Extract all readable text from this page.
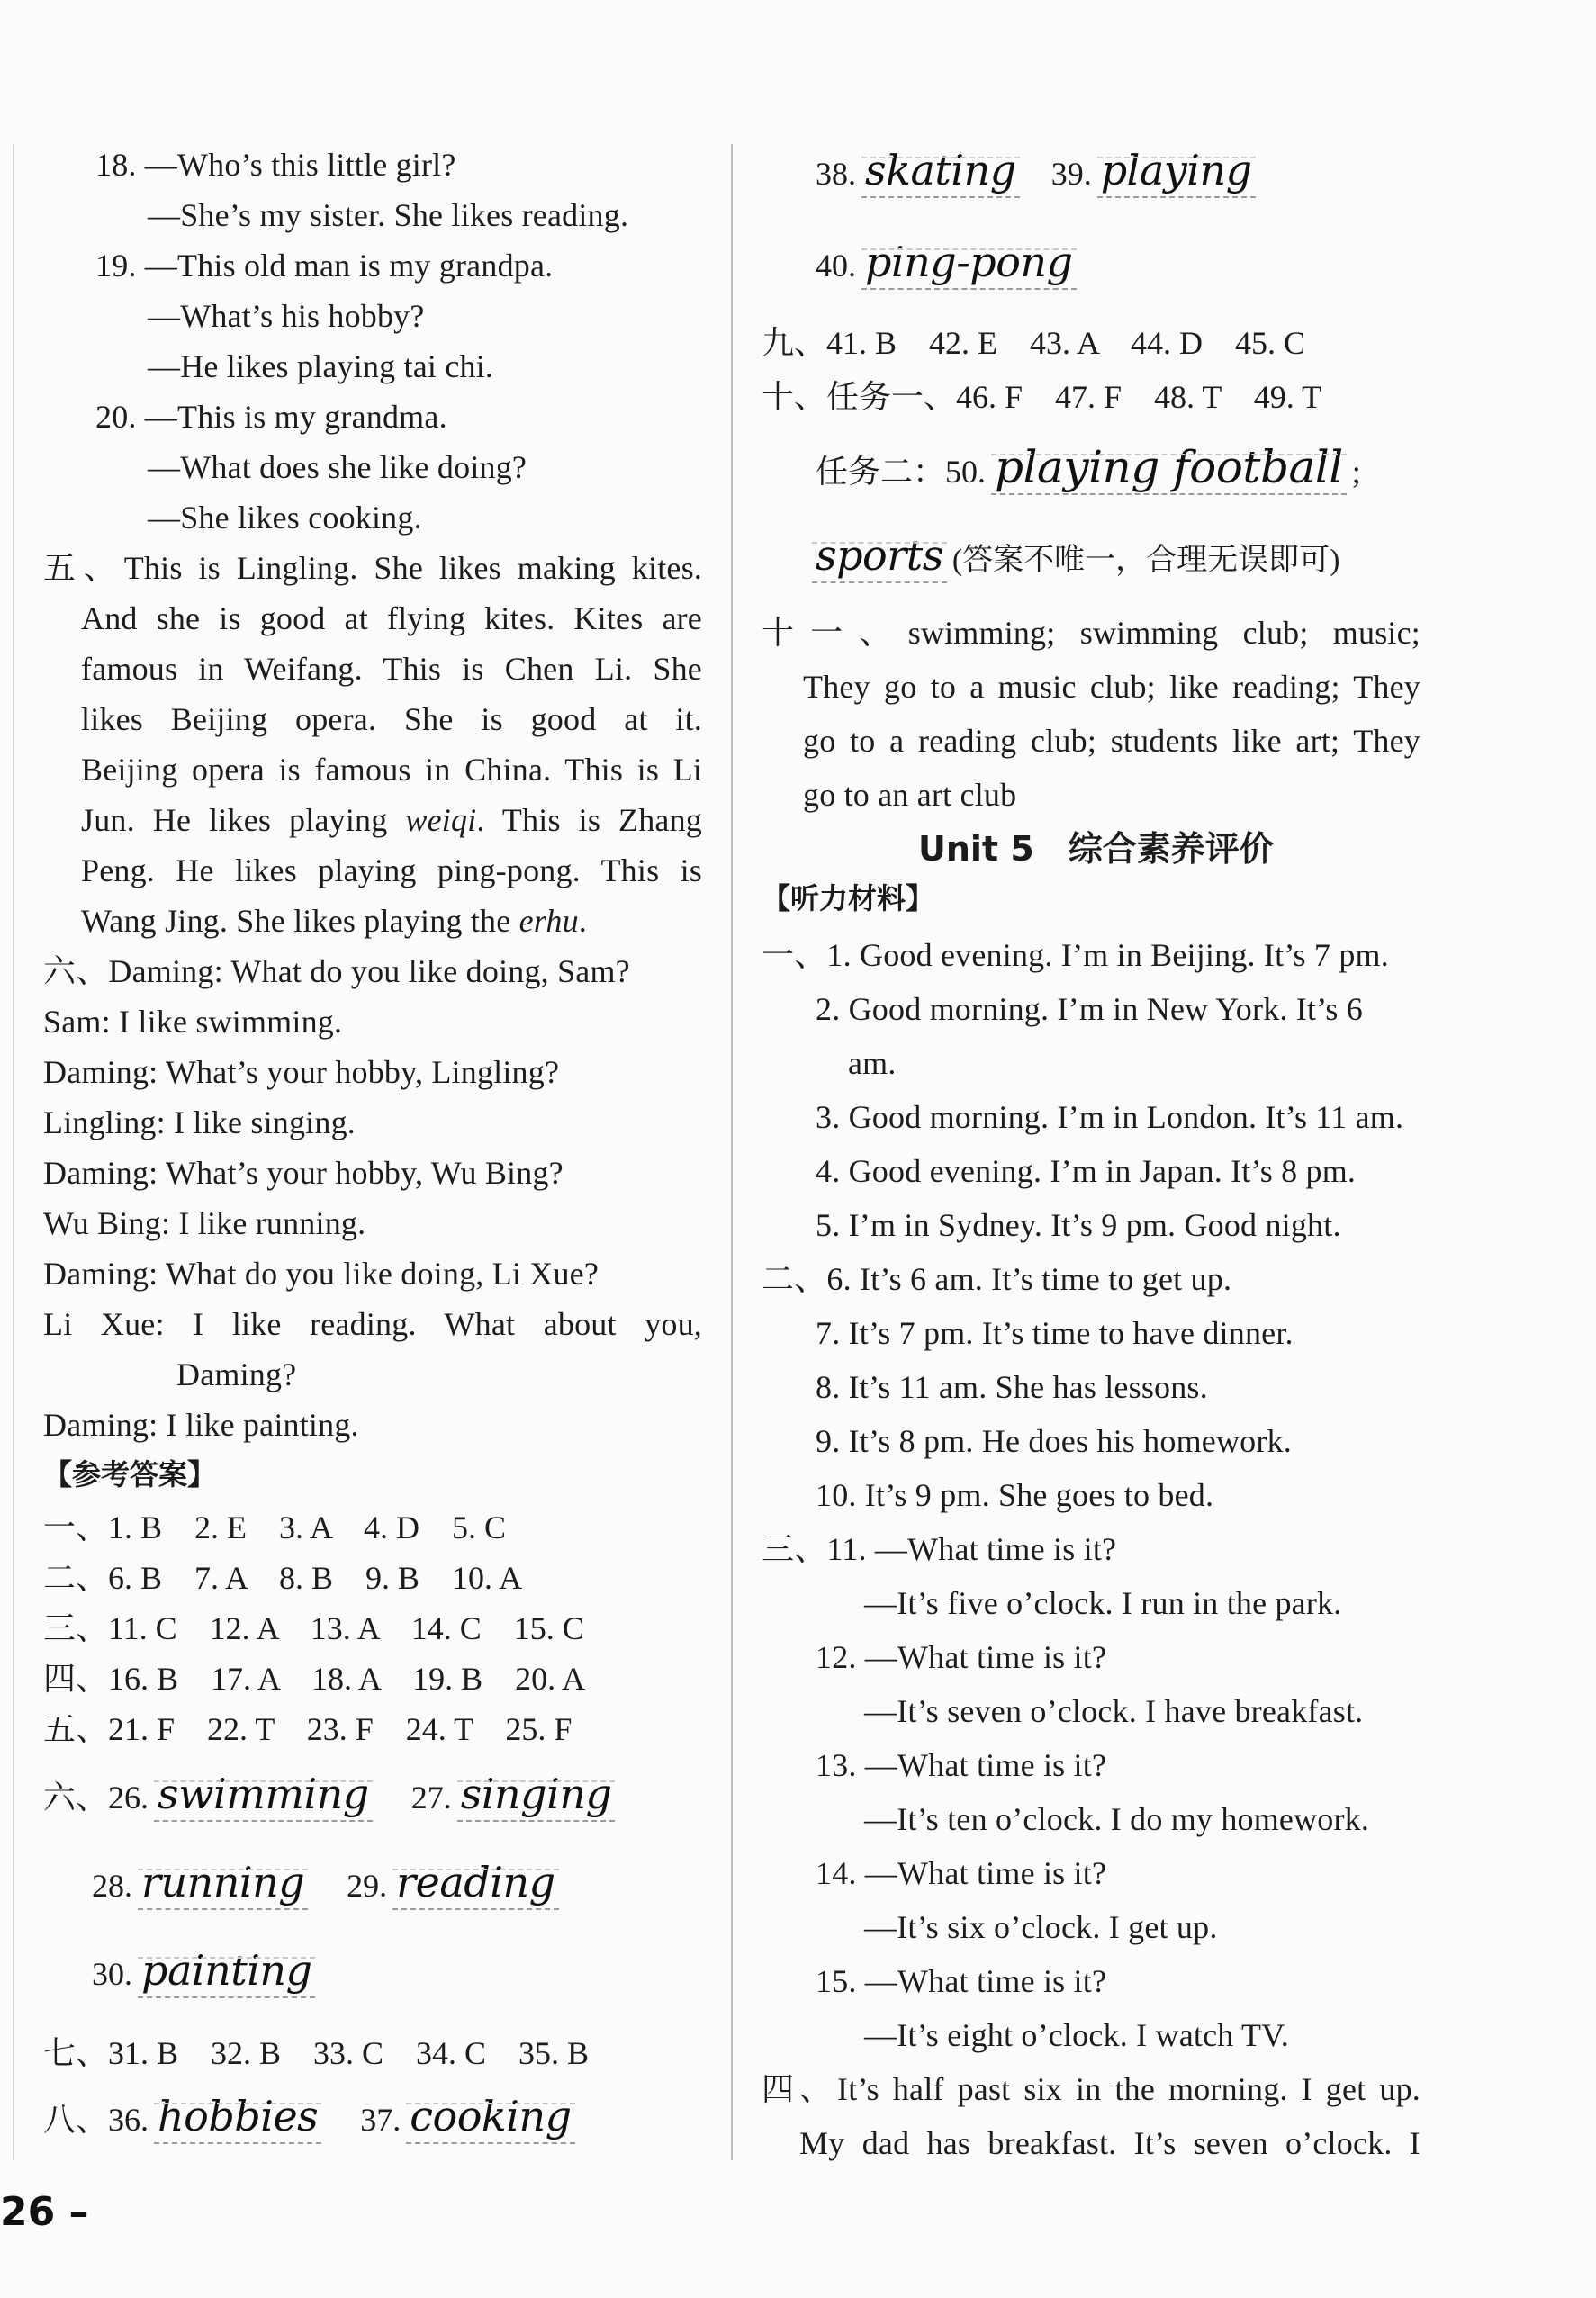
18. —Who’s this little girl?
—She’s my sister. She likes reading.
19. —This old man is my grandpa.
—What’s his hobby?
—He likes playing tai chi.
20. —This is my grandma.
—What does she like doing?
—She likes cooking.
五、This is Lingling. She likes making kites.
And she is good at flying kites. Kites are
famous in Weifang. This is Chen Li. She
likes Beijing opera. She is good at it.
Beijing opera is famous in China. This is Li
Jun. He likes playing weiqi. This is Zhang
Peng. He likes playing ping-pong. This is
Wang Jing. She likes playing the erhu.
六、Daming: What do you like doing, Sam?
Sam: I like swimming.
Daming: What’s your hobby, Lingling?
Lingling: I like singing.
Daming: What’s your hobby, Wu Bing?
Wu Bing: I like running.
Daming: What do you like doing, Li Xue?
Li Xue: I like reading. What about you,
Daming?
Daming: I like painting.
【参考答案】
一、1. B　2. E　3. A　4. D　5. C
二、6. B　7. A　8. B　9. B　10. A
三、11. C　12. A　13. A　14. C　15. C
四、16. B　17. A　18. A　19. B　20. A
五、21. F　22. T　23. F　24. T　25. F
六、26. swimming 27. singing
28. running 29. reading
30. painting
七、31. B　32. B　33. C　34. C　35. B
八、36. hobbies 37. cooking
38. skating 39. playing
40. ping-pong
九、41. B　42. E　43. A　44. D　45. C
十、任务一、46. F　47. F　48. T　49. T
任务二：50. playing football ;
sports (答案不唯一，合理无误即可)
十一、swimming; swimming club; music;
They go to a music club; like reading; They
go to a reading club; students like art; They
go to an art club
Unit 5　综合素养评价
【听力材料】
一、1. Good evening. I’m in Beijing. It’s 7 pm.
2. Good morning. I’m in New York. It’s 6
am.
3. Good morning. I’m in London. It’s 11 am.
4. Good evening. I’m in Japan. It’s 8 pm.
5. I’m in Sydney. It’s 9 pm. Good night.
二、6. It’s 6 am. It’s time to get up.
7. It’s 7 pm. It’s time to have dinner.
8. It’s 11 am. She has lessons.
9. It’s 8 pm. He does his homework.
10. It’s 9 pm. She goes to bed.
三、11. —What time is it?
—It’s five o’clock. I run in the park.
12. —What time is it?
—It’s seven o’clock. I have breakfast.
13. —What time is it?
—It’s ten o’clock. I do my homework.
14. —What time is it?
—It’s six o’clock. I get up.
15. —What time is it?
—It’s eight o’clock. I watch TV.
四、It’s half past six in the morning. I get up.
My dad has breakfast. It’s seven o’clock. I
26 –
